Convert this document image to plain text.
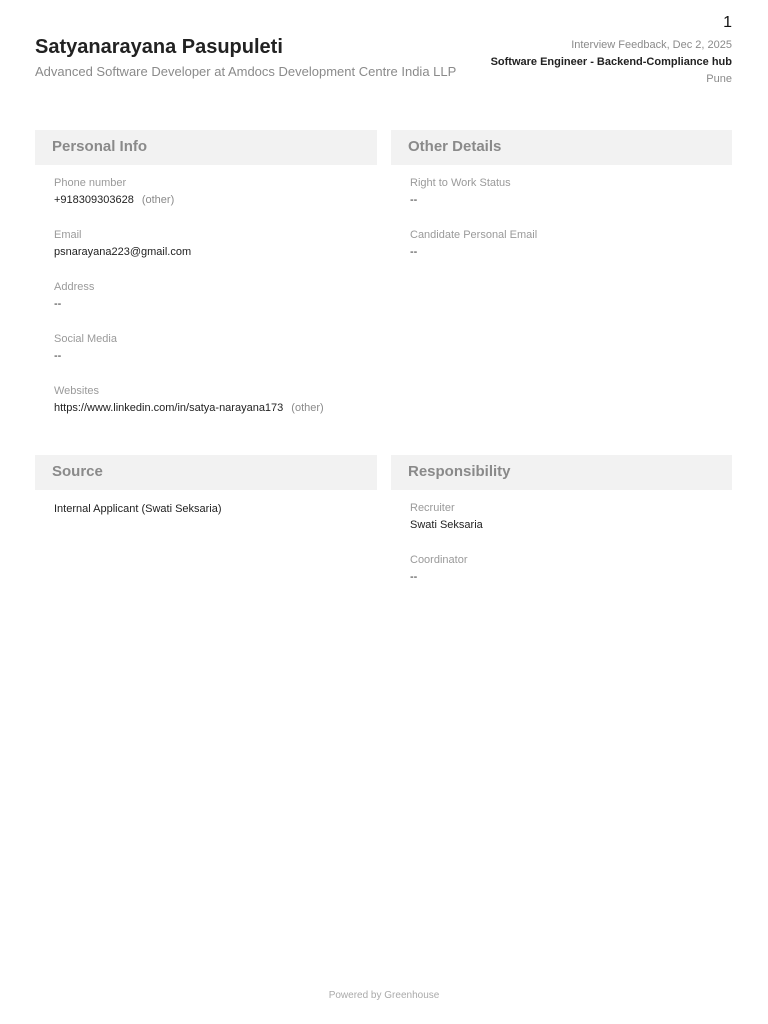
1
Satyanarayana Pasupuleti
Advanced Software Developer at Amdocs Development Centre India LLP
Interview Feedback, Dec 2, 2025
Software Engineer - Backend-Compliance hub
Pune
Personal Info
Phone number
+918309303628 (other)
Email
psnarayana223@gmail.com
Address
--
Social Media
--
Websites
https://www.linkedin.com/in/satya-narayana173 (other)
Other Details
Right to Work Status
--
Candidate Personal Email
--
Source
Internal Applicant (Swati Seksaria)
Responsibility
Recruiter
Swati Seksaria
Coordinator
--
Powered by Greenhouse
